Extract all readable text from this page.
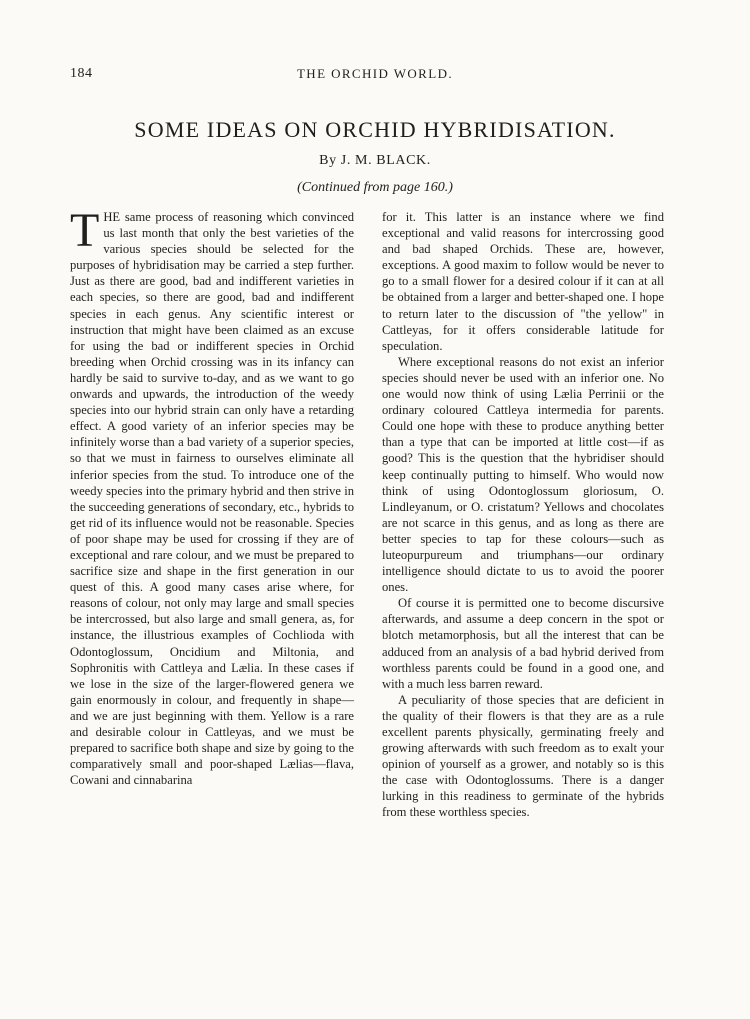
184	THE ORCHID WORLD.
SOME IDEAS ON ORCHID HYBRIDISATION.
By J. M. BLACK.
(Continued from page 160.)

T HE same process of reasoning which convinced us last month that only the best varieties of the various species should be selected for the purposes of hybridisation may be carried a step further. Just as there are good, bad and indifferent varieties in each species, so there are good, bad and indifferent species in each genus. Any scientific interest or instruction that might have been claimed as an excuse for using the bad or indifferent species in Orchid breeding when Orchid crossing was in its infancy can hardly be said to survive to-day, and as we want to go onwards and upwards, the introduction of the weedy species into our hybrid strain can only have a retarding effect. A good variety of an inferior species may be infinitely worse than a bad variety of a superior species, so that we must in fairness to ourselves eliminate all inferior species from the stud. To introduce one of the weedy species into the primary hybrid and then strive in the succeeding generations of secondary, etc., hybrids to get rid of its influence would not be reasonable. Species of poor shape may be used for crossing if they are of exceptional and rare colour, and we must be prepared to sacrifice size and shape in the first generation in our quest of this. A good many cases arise where, for reasons of colour, not only may large and small species be intercrossed, but also large and small genera, as, for instance, the illustrious examples of Cochlioda with Odontoglossum, Oncidium and Miltonia, and Sophronitis with Cattleya and Lælia. In these cases if we lose in the size of the larger-flowered genera we gain enormously in colour, and frequently in shape—and we are just beginning with them. Yellow is a rare and desirable colour in Cattleyas, and we must be prepared to sacrifice both shape and size by going to the comparatively small and poor-shaped Lælias—flava, Cowani and cinnabarina

for it. This latter is an instance where we find exceptional and valid reasons for intercrossing good and bad shaped Orchids. These are, however, exceptions. A good maxim to follow would be never to go to a small flower for a desired colour if it can at all be obtained from a larger and better-shaped one. I hope to return later to the discussion of "the yellow" in Cattleyas, for it offers considerable latitude for speculation.

Where exceptional reasons do not exist an inferior species should never be used with an inferior one. No one would now think of using Lælia Perrinii or the ordinary coloured Cattleya intermedia for parents. Could one hope with these to produce anything better than a type that can be imported at little cost—if as good? This is the question that the hybridiser should keep continually putting to himself. Who would now think of using Odontoglossum gloriosum, O. Lindleyanum, or O. cristatum? Yellows and chocolates are not scarce in this genus, and as long as there are better species to tap for these colours—such as luteopurpureum and triumphans—our ordinary intelligence should dictate to us to avoid the poorer ones.

Of course it is permitted one to become discursive afterwards, and assume a deep concern in the spot or blotch metamorphosis, but all the interest that can be adduced from an analysis of a bad hybrid derived from worthless parents could be found in a good one, and with a much less barren reward.

A peculiarity of those species that are deficient in the quality of their flowers is that they are as a rule excellent parents physically, germinating freely and growing afterwards with such freedom as to exalt your opinion of yourself as a grower, and notably so is this the case with Odontoglossums. There is a danger lurking in this readiness to germinate of the hybrids from these worthless species.
